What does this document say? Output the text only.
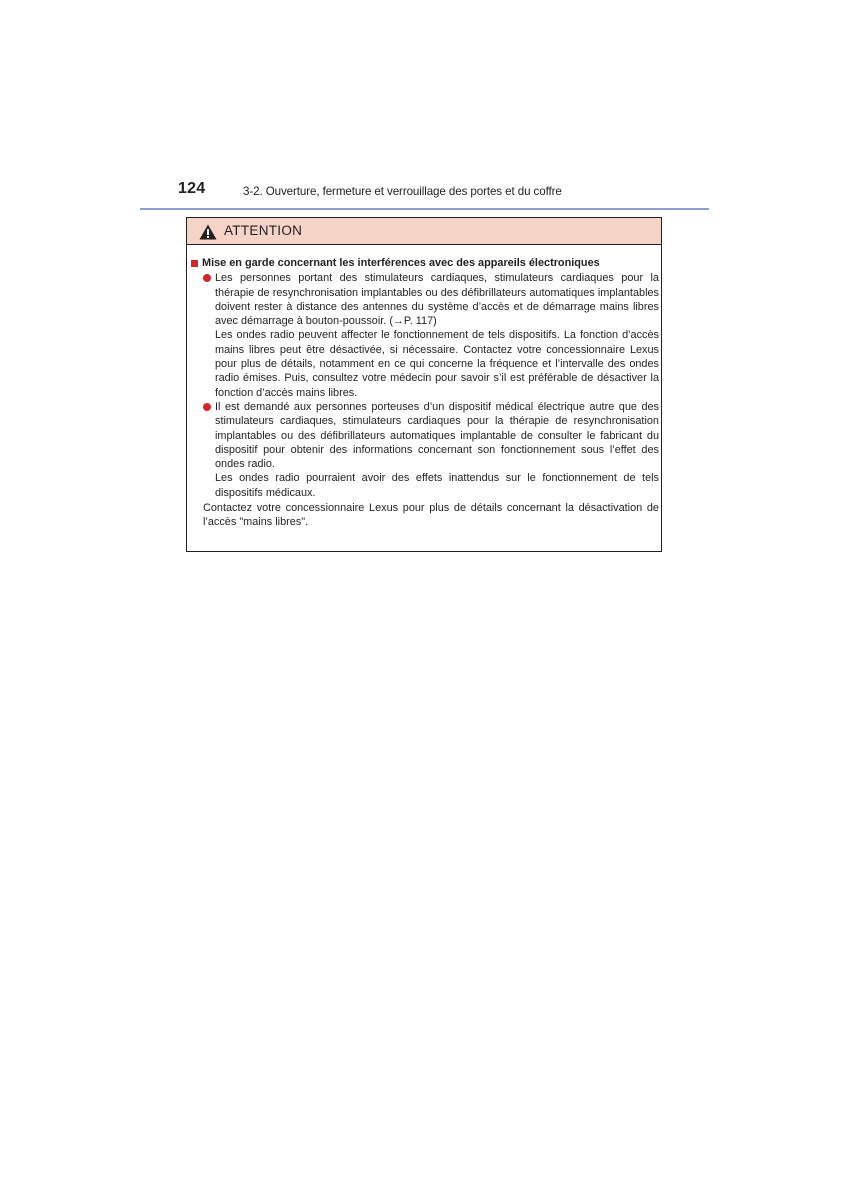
124	3-2. Ouverture, fermeture et verrouillage des portes et du coffre
ATTENTION
Mise en garde concernant les interférences avec des appareils électroniques
Les personnes portant des stimulateurs cardiaques, stimulateurs cardiaques pour la thérapie de resynchronisation implantables ou des défibrillateurs automatiques implantables doivent rester à distance des antennes du système d’accès et de démarrage mains libres avec démarrage à bouton-poussoir. (→P. 117)
Les ondes radio peuvent affecter le fonctionnement de tels dispositifs. La fonction d’accès mains libres peut être désactivée, si nécessaire. Contactez votre concessionnaire Lexus pour plus de détails, notamment en ce qui concerne la fréquence et l’intervalle des ondes radio émises. Puis, consultez votre médecin pour savoir s’il est préférable de désactiver la fonction d’accès mains libres.
Il est demandé aux personnes porteuses d’un dispositif médical électrique autre que des stimulateurs cardiaques, stimulateurs cardiaques pour la thérapie de resynchronisation implantables ou des défibrillateurs automatiques implantable de consulter le fabricant du dispositif pour obtenir des informations concernant son fonctionnement sous l’effet des ondes radio.
Les ondes radio pourraient avoir des effets inattendus sur le fonctionnement de tels dispositifs médicaux.
Contactez votre concessionnaire Lexus pour plus de détails concernant la désactivation de l’accès "mains libres".
